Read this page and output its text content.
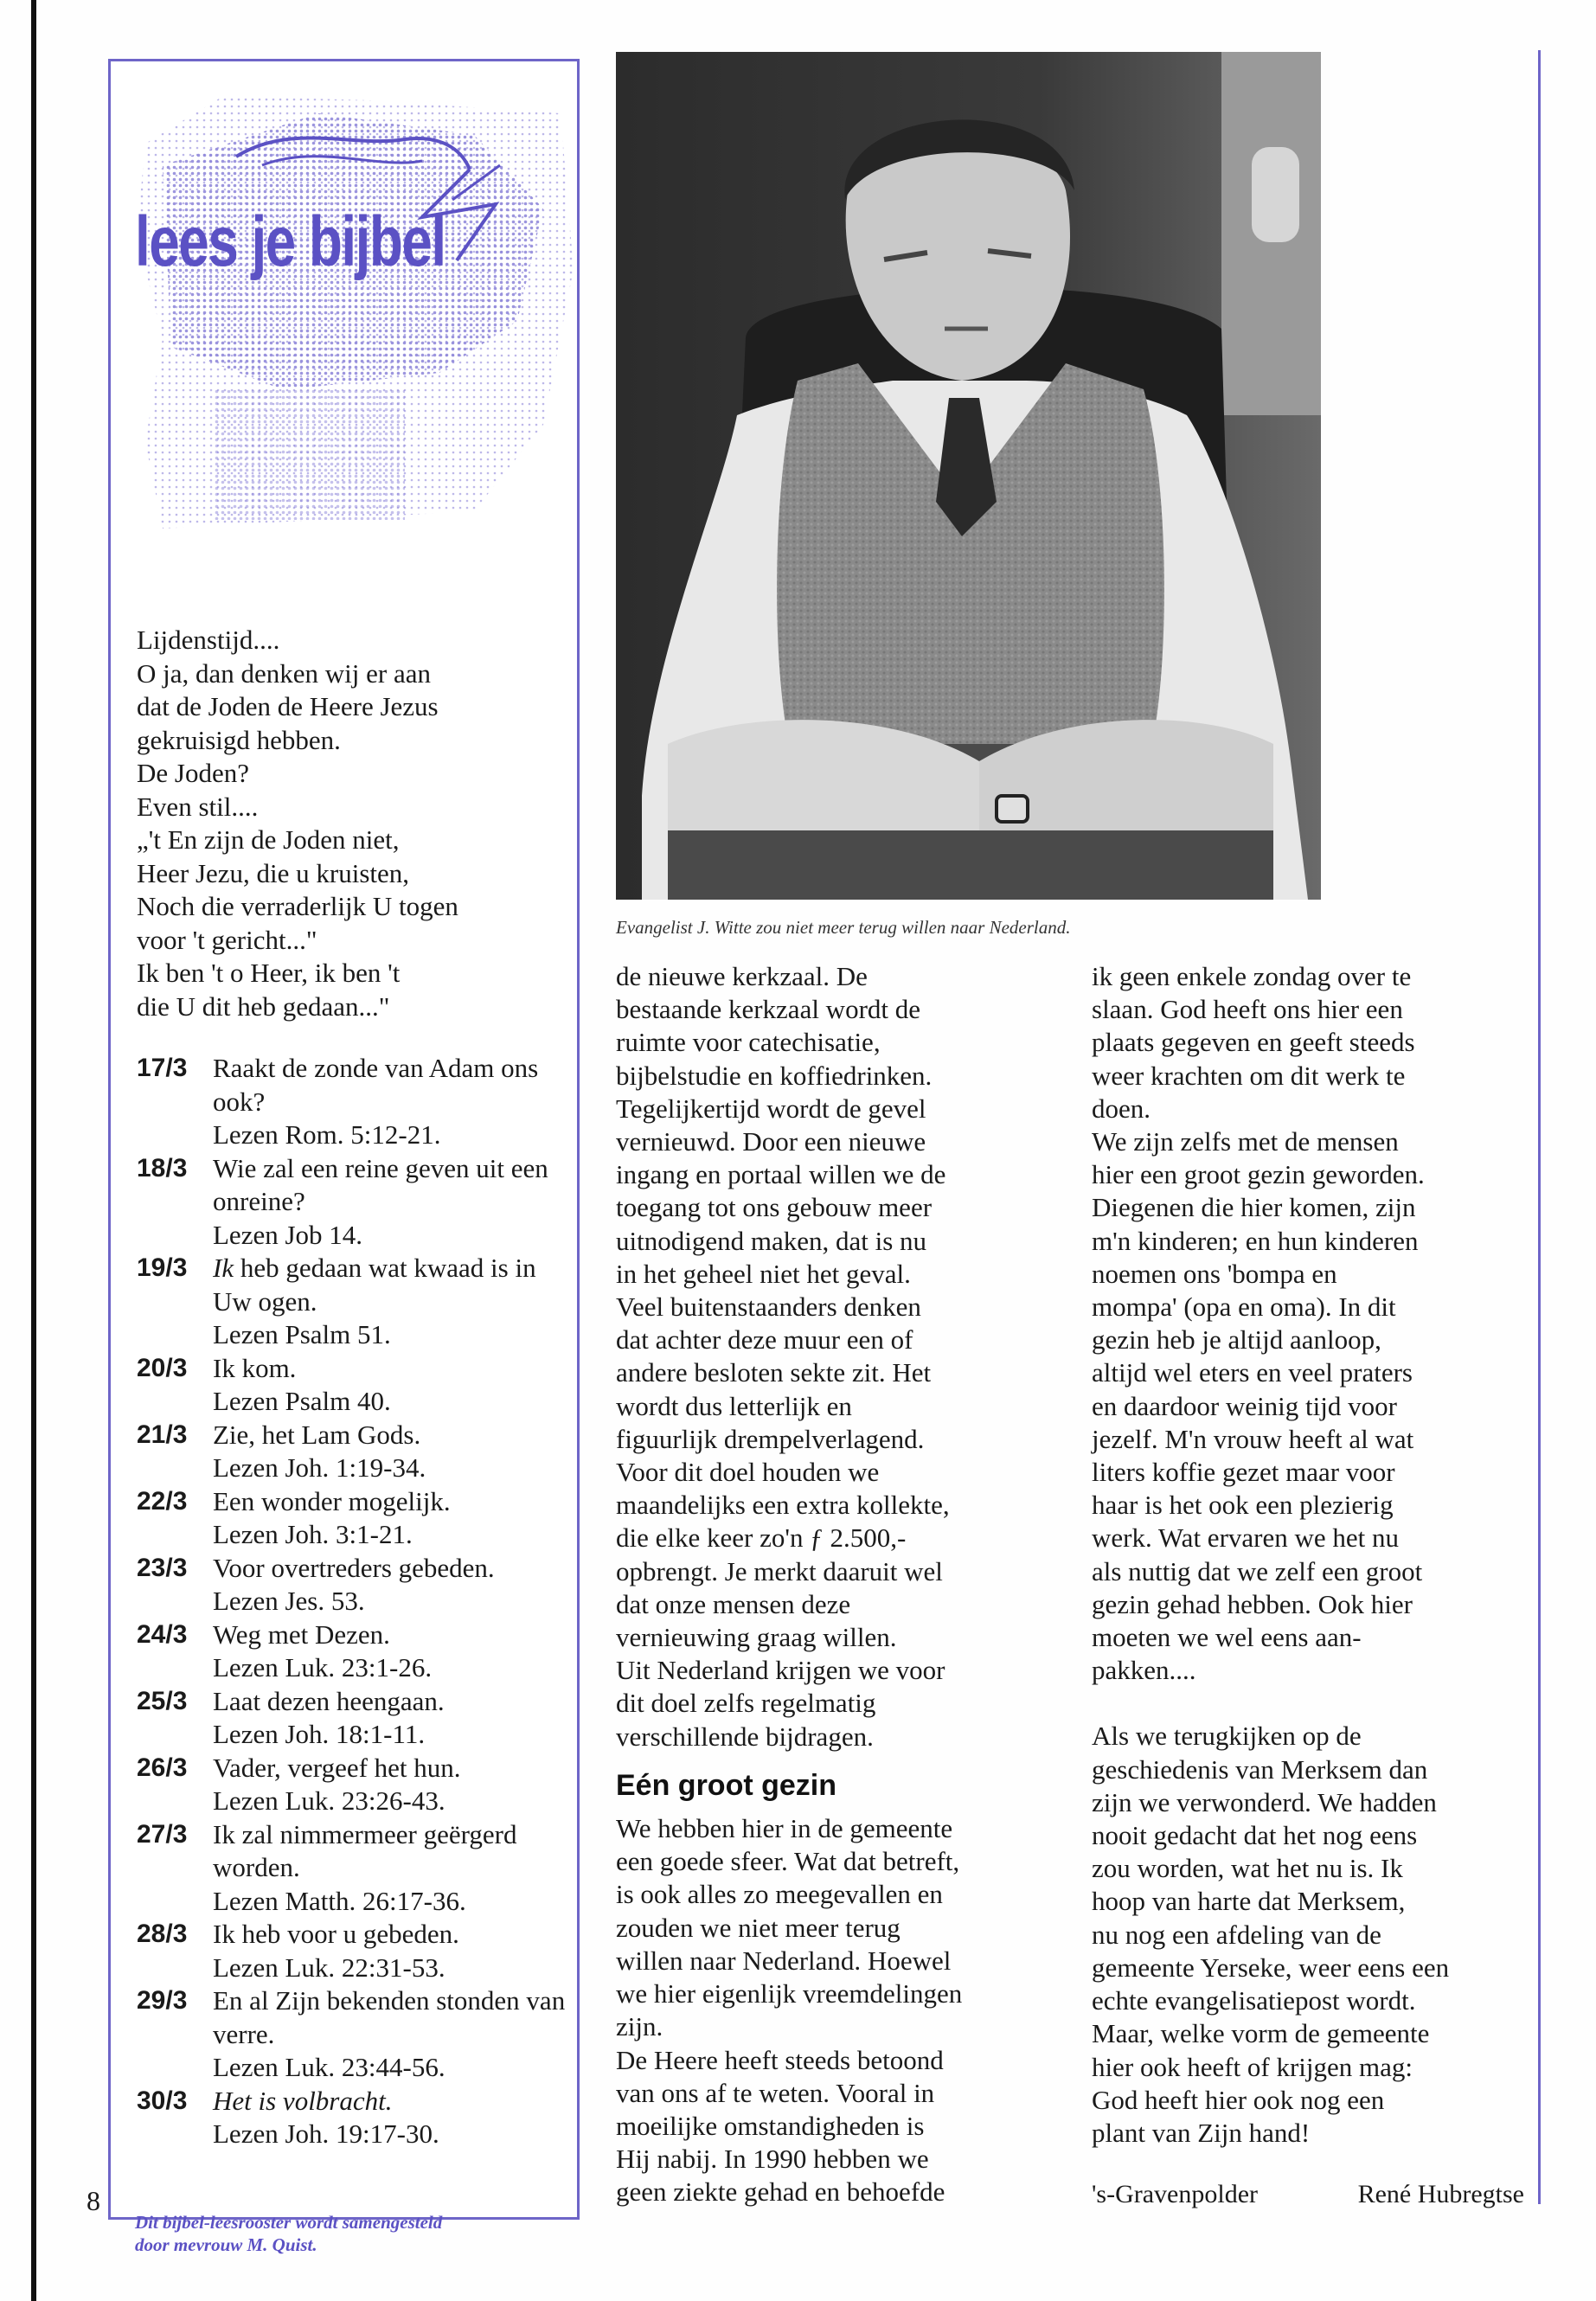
lees je bijbel
Lijdenstijd....
O ja, dan denken wij er aan
dat de Joden de Heere Jezus
gekruisigd hebben.
De Joden?
Even stil....
„'t En zijn de Joden niet,
Heer Jezu, die u kruisten,
Noch die verraderlijk U togen
voor 't gericht..."
Ik ben 't o Heer, ik ben 't
die U dit heb gedaan..."
17/3 Raakt de zonde van Adam ons ook?
Lezen Rom. 5:12-21.
18/3 Wie zal een reine geven uit een onreine?
Lezen Job 14.
19/3 Ik heb gedaan wat kwaad is in Uw ogen.
Lezen Psalm 51.
20/3 Ik kom.
Lezen Psalm 40.
21/3 Zie, het Lam Gods.
Lezen Joh. 1:19-34.
22/3 Een wonder mogelijk.
Lezen Joh. 3:1-21.
23/3 Voor overtreders gebeden.
Lezen Jes. 53.
24/3 Weg met Dezen.
Lezen Luk. 23:1-26.
25/3 Laat dezen heengaan.
Lezen Joh. 18:1-11.
26/3 Vader, vergeef het hun.
Lezen Luk. 23:26-43.
27/3 Ik zal nimmermeer geërgerd worden.
Lezen Matth. 26:17-36.
28/3 Ik heb voor u gebeden.
Lezen Luk. 22:31-53.
29/3 En al Zijn bekenden stonden van verre.
Lezen Luk. 23:44-56.
30/3 Het is volbracht.
Lezen Joh. 19:17-30.
Dit bijbel-leesrooster wordt samengesteld
door mevrouw M. Quist.
8
Evangelist J. Witte zou niet meer terug willen naar Nederland.
de nieuwe kerkzaal. De
bestaande kerkzaal wordt de
ruimte voor catechisatie,
bijbelstudie en koffiedrinken.
Tegelijkertijd wordt de gevel
vernieuwd. Door een nieuwe
ingang en portaal willen we de
toegang tot ons gebouw meer
uitnodigend maken, dat is nu
in het geheel niet het geval.
Veel buitenstaanders denken
dat achter deze muur een of
andere besloten sekte zit. Het
wordt dus letterlijk en
figuurlijk drempelverlagend.
Voor dit doel houden we
maandelijks een extra kollekte,
die elke keer zo'n ƒ 2.500,-
opbrengt. Je merkt daaruit wel
dat onze mensen deze
vernieuwing graag willen.
Uit Nederland krijgen we voor
dit doel zelfs regelmatig
verschillende bijdragen.
Eén groot gezin
We hebben hier in de gemeente
een goede sfeer. Wat dat betreft,
is ook alles zo meegevallen en
zouden we niet meer terug
willen naar Nederland. Hoewel
we hier eigenlijk vreemdelingen
zijn.
De Heere heeft steeds betoond
van ons af te weten. Vooral in
moeilijke omstandigheden is
Hij nabij. In 1990 hebben we
geen ziekte gehad en behoefde
ik geen enkele zondag over te
slaan. God heeft ons hier een
plaats gegeven en geeft steeds
weer krachten om dit werk te
doen.
We zijn zelfs met de mensen
hier een groot gezin geworden.
Diegenen die hier komen, zijn
m'n kinderen; en hun kinderen
noemen ons 'bompa en
mompa' (opa en oma). In dit
gezin heb je altijd aanloop,
altijd wel eters en veel praters
en daardoor weinig tijd voor
jezelf. M'n vrouw heeft al wat
liters koffie gezet maar voor
haar is het ook een plezierig
werk. Wat ervaren we het nu
als nuttig dat we zelf een groot
gezin gehad hebben. Ook hier
moeten we wel eens aan-
pakken....
Als we terugkijken op de
geschiedenis van Merksem dan
zijn we verwonderd. We hadden
nooit gedacht dat het nog eens
zou worden, wat het nu is. Ik
hoop van harte dat Merksem,
nu nog een afdeling van de
gemeente Yerseke, weer eens een
echte evangelisatiepost wordt.
Maar, welke vorm de gemeente
hier ook heeft of krijgen mag:
God heeft hier ook nog een
plant van Zijn hand!
's-Gravenpolder	René Hubregtse
